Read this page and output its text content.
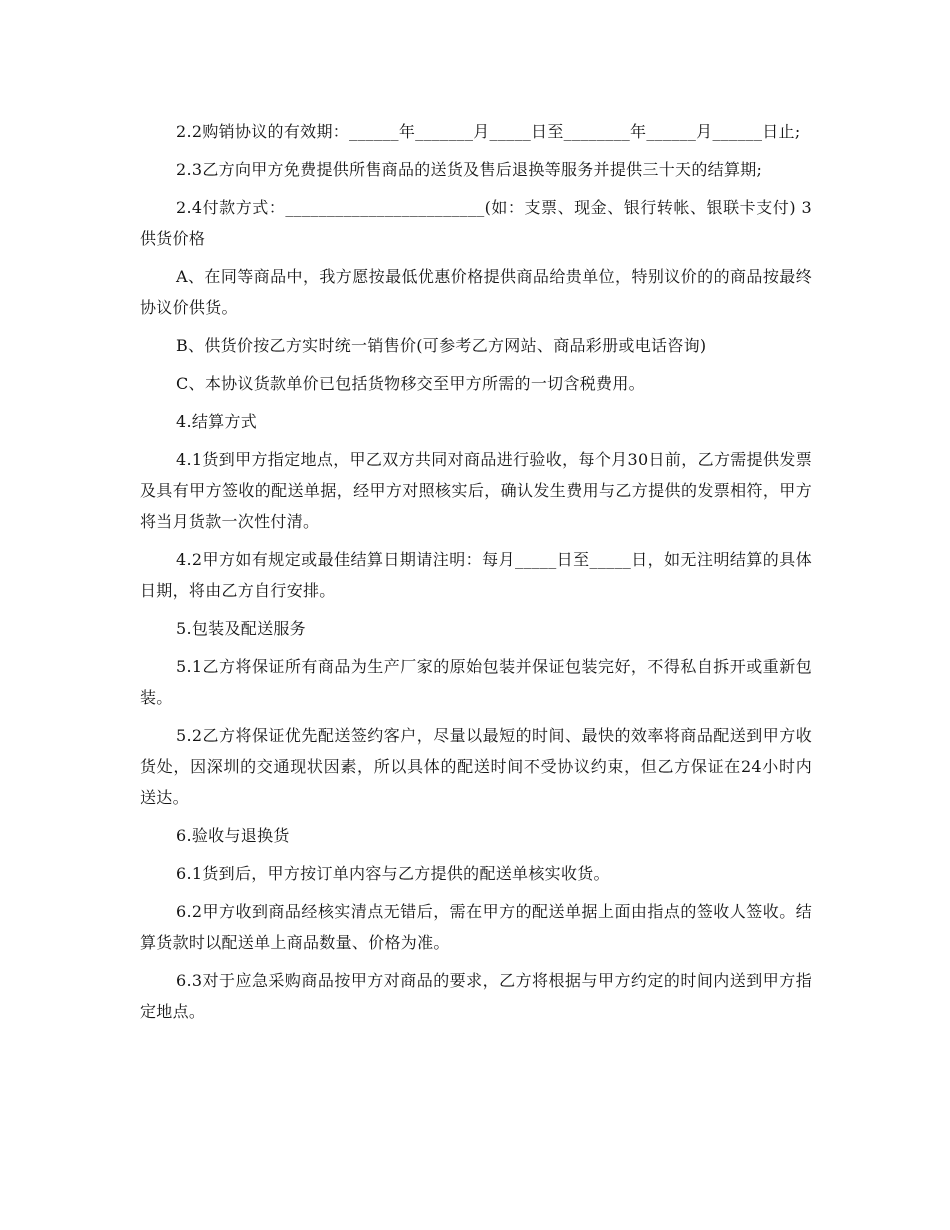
2.2购销协议的有效期：______年_______月_____日至________年______月______日止;

2.3乙方向甲方免费提供所售商品的送货及售后退换等服务并提供三十天的结算期;

2.4付款方式：________________________(如：支票、现金、银行转帐、银联卡支付) 3供货价格

A、在同等商品中，我方愿按最低优惠价格提供商品给贵单位，特别议价的的商品按最终协议价供货。

B、供货价按乙方实时统一销售价(可参考乙方网站、商品彩册或电话咨询)

C、本协议货款单价已包括货物移交至甲方所需的一切含税费用。

4.结算方式

4.1货到甲方指定地点，甲乙双方共同对商品进行验收，每个月30日前，乙方需提供发票及具有甲方签收的配送单据，经甲方对照核实后，确认发生费用与乙方提供的发票相符，甲方将当月货款一次性付清。

4.2甲方如有规定或最佳结算日期请注明：每月_____日至_____日，如无注明结算的具体日期，将由乙方自行安排。

5.包装及配送服务

5.1乙方将保证所有商品为生产厂家的原始包装并保证包装完好，不得私自拆开或重新包装。

5.2乙方将保证优先配送签约客户，尽量以最短的时间、最快的效率将商品配送到甲方收货处，因深圳的交通现状因素，所以具体的配送时间不受协议约束，但乙方保证在24小时内送达。

6.验收与退换货

6.1货到后，甲方按订单内容与乙方提供的配送单核实收货。

6.2甲方收到商品经核实清点无错后，需在甲方的配送单据上面由指点的签收人签收。结算货款时以配送单上商品数量、价格为准。

6.3对于应急采购商品按甲方对商品的要求，乙方将根据与甲方约定的时间内送到甲方指定地点。
